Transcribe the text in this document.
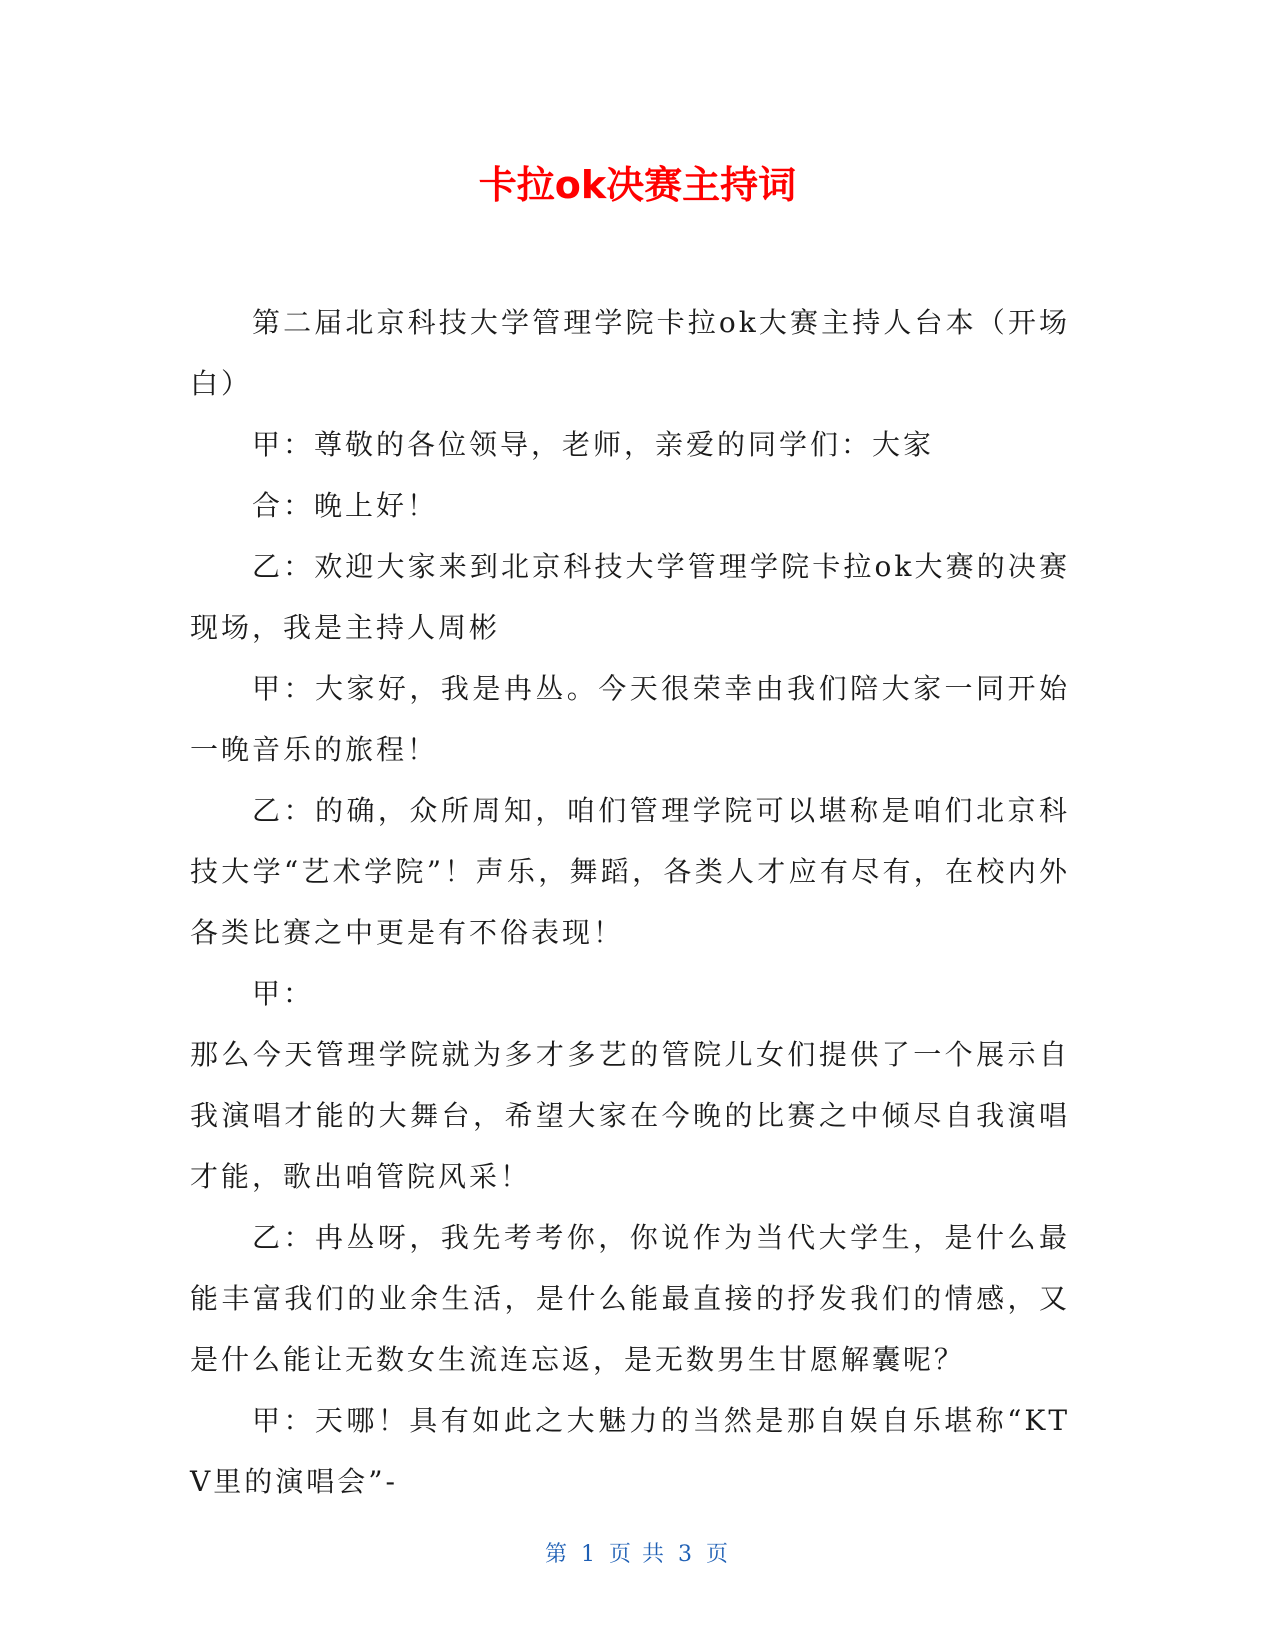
卡拉ok决赛主持词

第二届北京科技大学管理学院卡拉ok大赛主持人台本（开场白）

甲：尊敬的各位领导，老师，亲爱的同学们：大家

合：晚上好！

乙：欢迎大家来到北京科技大学管理学院卡拉ok大赛的决赛现场，我是主持人周彬

甲：大家好，我是冉丛。今天很荣幸由我们陪大家一同开始一晚音乐的旅程！

乙：的确，众所周知，咱们管理学院可以堪称是咱们北京科技大学“艺术学院”！声乐，舞蹈，各类人才应有尽有，在校内外各类比赛之中更是有不俗表现！

甲：

那么今天管理学院就为多才多艺的管院儿女们提供了一个展示自我演唱才能的大舞台，希望大家在今晚的比赛之中倾尽自我演唱才能，歌出咱管院风采！

乙：冉丛呀，我先考考你，你说作为当代大学生，是什么最能丰富我们的业余生活，是什么能最直接的抒发我们的情感，又是什么能让无数女生流连忘返，是无数男生甘愿解囊呢？

甲：天哪！具有如此之大魅力的当然是那自娱自乐堪称“KTV里的演唱会”-

第 1 页 共 3 页
